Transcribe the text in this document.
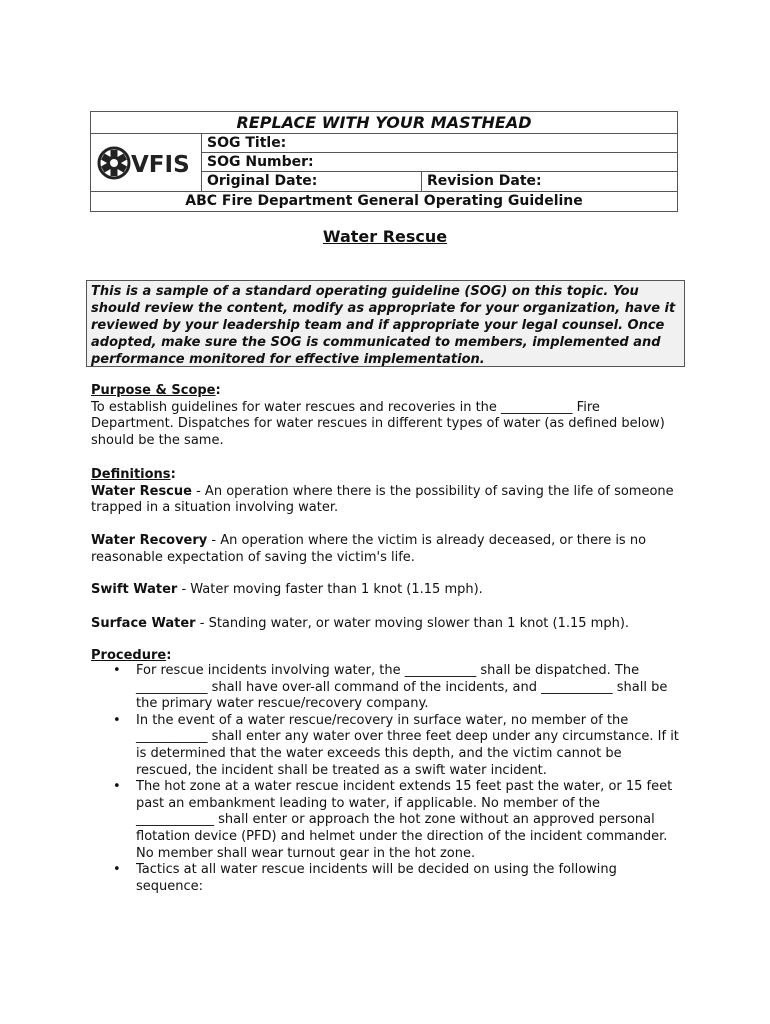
REPLACE WITH YOUR MASTHEAD
VFIS
SOG Title:
SOG Number:
Original Date:	Revision Date:
ABC Fire Department General Operating Guideline
Water Rescue
This is a sample of a standard operating guideline (SOG) on this topic. You should review the content, modify as appropriate for your organization, have it reviewed by your leadership team and if appropriate your legal counsel. Once adopted, make sure the SOG is communicated to members, implemented and performance monitored for effective implementation.
Purpose & Scope:
To establish guidelines for water rescues and recoveries in the ___________ Fire Department. Dispatches for water rescues in different types of water (as defined below) should be the same.
Definitions:
Water Rescue - An operation where there is the possibility of saving the life of someone trapped in a situation involving water.
Water Recovery - An operation where the victim is already deceased, or there is no reasonable expectation of saving the victim's life.
Swift Water - Water moving faster than 1 knot (1.15 mph).
Surface Water - Standing water, or water moving slower than 1 knot (1.15 mph).
Procedure:

• For rescue incidents involving water, the ___________ shall be dispatched. The ___________ shall have over-all command of the incidents, and ___________ shall be the primary water rescue/recovery company.

• In the event of a water rescue/recovery in surface water, no member of the ___________ shall enter any water over three feet deep under any circumstance. If it is determined that the water exceeds this depth, and the victim cannot be rescued, the incident shall be treated as a swift water incident.

• The hot zone at a water rescue incident extends 15 feet past the water, or 15 feet past an embankment leading to water, if applicable. No member of the ____________ shall enter or approach the hot zone without an approved personal flotation device (PFD) and helmet under the direction of the incident commander. No member shall wear turnout gear in the hot zone.

• Tactics at all water rescue incidents will be decided on using the following sequence:
